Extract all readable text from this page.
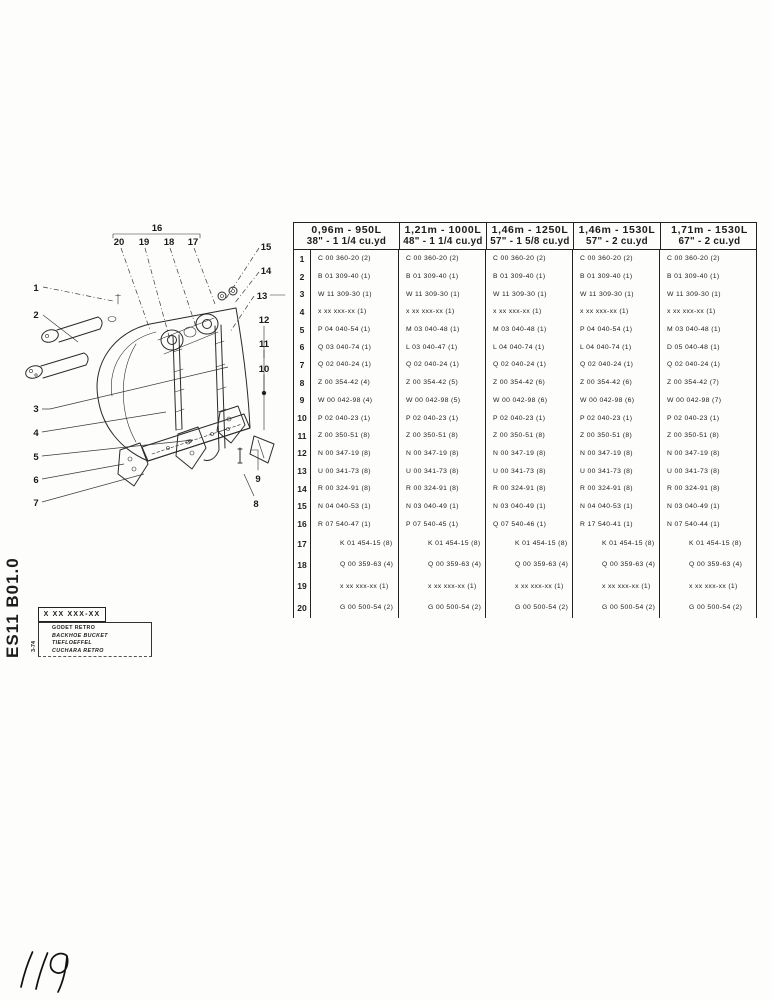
16
20 19 18 17	15
14
13
12
11
10
9
8
1
2
3
4
5
6
7
0,96m - 950L
38" - 1 1/4 cu.yd
1,21m - 1000L
48" - 1 1/4 cu.yd
1,46m - 1250L
57" - 1 5/8 cu.yd
1,46m - 1530L
57" - 2 cu.yd
1,71m - 1530L
67" - 2 cu.yd
1	C 00 360-20 (2)	C 00 360-20 (2)	C 00 360-20 (2)	C 00 360-20 (2)	C 00 360-20 (2)
2	B 01 309-40 (1)	B 01 309-40 (1)	B 01 309-40 (1)	B 01 309-40 (1)	B 01 309-40 (1)
3	W 11 309-30 (1)	W 11 309-30 (1)	W 11 309-30 (1)	W 11 309-30 (1)	W 11 309-30 (1)
4	x xx xxx-xx (1)	x xx xxx-xx (1)	x xx xxx-xx (1)	x xx xxx-xx (1)	x xx xxx-xx (1)
5	P 04 040-54 (1)	M 03 040-48 (1)	M 03 040-48 (1)	P 04 040-54 (1)	M 03 040-48 (1)
6	Q 03 040-74 (1)	L 03 040-47 (1)	L 04 040-74 (1)	L 04 040-74 (1)	D 05 040-48 (1)
7	Q 02 040-24 (1)	Q 02 040-24 (1)	Q 02 040-24 (1)	Q 02 040-24 (1)	Q 02 040-24 (1)
8	Z 00 354-42 (4)	Z 00 354-42 (5)	Z 00 354-42 (6)	Z 00 354-42 (6)	Z 00 354-42 (7)
9	W 00 042-98 (4)	W 00 042-98 (5)	W 00 042-98 (6)	W 00 042-98 (6)	W 00 042-98 (7)
10	P 02 040-23 (1)	P 02 040-23 (1)	P 02 040-23 (1)	P 02 040-23 (1)	P 02 040-23 (1)
11	Z 00 350-51 (8)	Z 00 350-51 (8)	Z 00 350-51 (8)	Z 00 350-51 (8)	Z 00 350-51 (8)
12	N 00 347-19 (8)	N 00 347-19 (8)	N 00 347-19 (8)	N 00 347-19 (8)	N 00 347-19 (8)
13	U 00 341-73 (8)	U 00 341-73 (8)	U 00 341-73 (8)	U 00 341-73 (8)	U 00 341-73 (8)
14	R 00 324-91 (8)	R 00 324-91 (8)	R 00 324-91 (8)	R 00 324-91 (8)	R 00 324-91 (8)
15	N 04 040-53 (1)	N 03 040-49 (1)	N 03 040-49 (1)	N 04 040-53 (1)	N 03 040-49 (1)
16	R 07 540-47 (1)	P 07 540-45 (1)	Q 07 540-46 (1)	R 17 540-41 (1)	N 07 540-44 (1)
17	K 01 454-15 (8)	K 01 454-15 (8)	K 01 454-15 (8)	K 01 454-15 (8)	K 01 454-15 (8)
18	Q 00 359-63 (4)	Q 00 359-63 (4)	Q 00 359-63 (4)	Q 00 359-63 (4)	Q 00 359-63 (4)
19	x xx xxx-xx (1)	x xx xxx-xx (1)	x xx xxx-xx (1)	x xx xxx-xx (1)	x xx xxx-xx (1)
20	G 00 500-54 (2)	G 00 500-54 (2)	G 00 500-54 (2)	G 00 500-54 (2)	G 00 500-54 (2)
ES11 B01.0 3-74
X XX XXX-XX
GODET RETRO
BACKHOE BUCKET
TIEFLOEFFEL
CUCHARA RETRO
